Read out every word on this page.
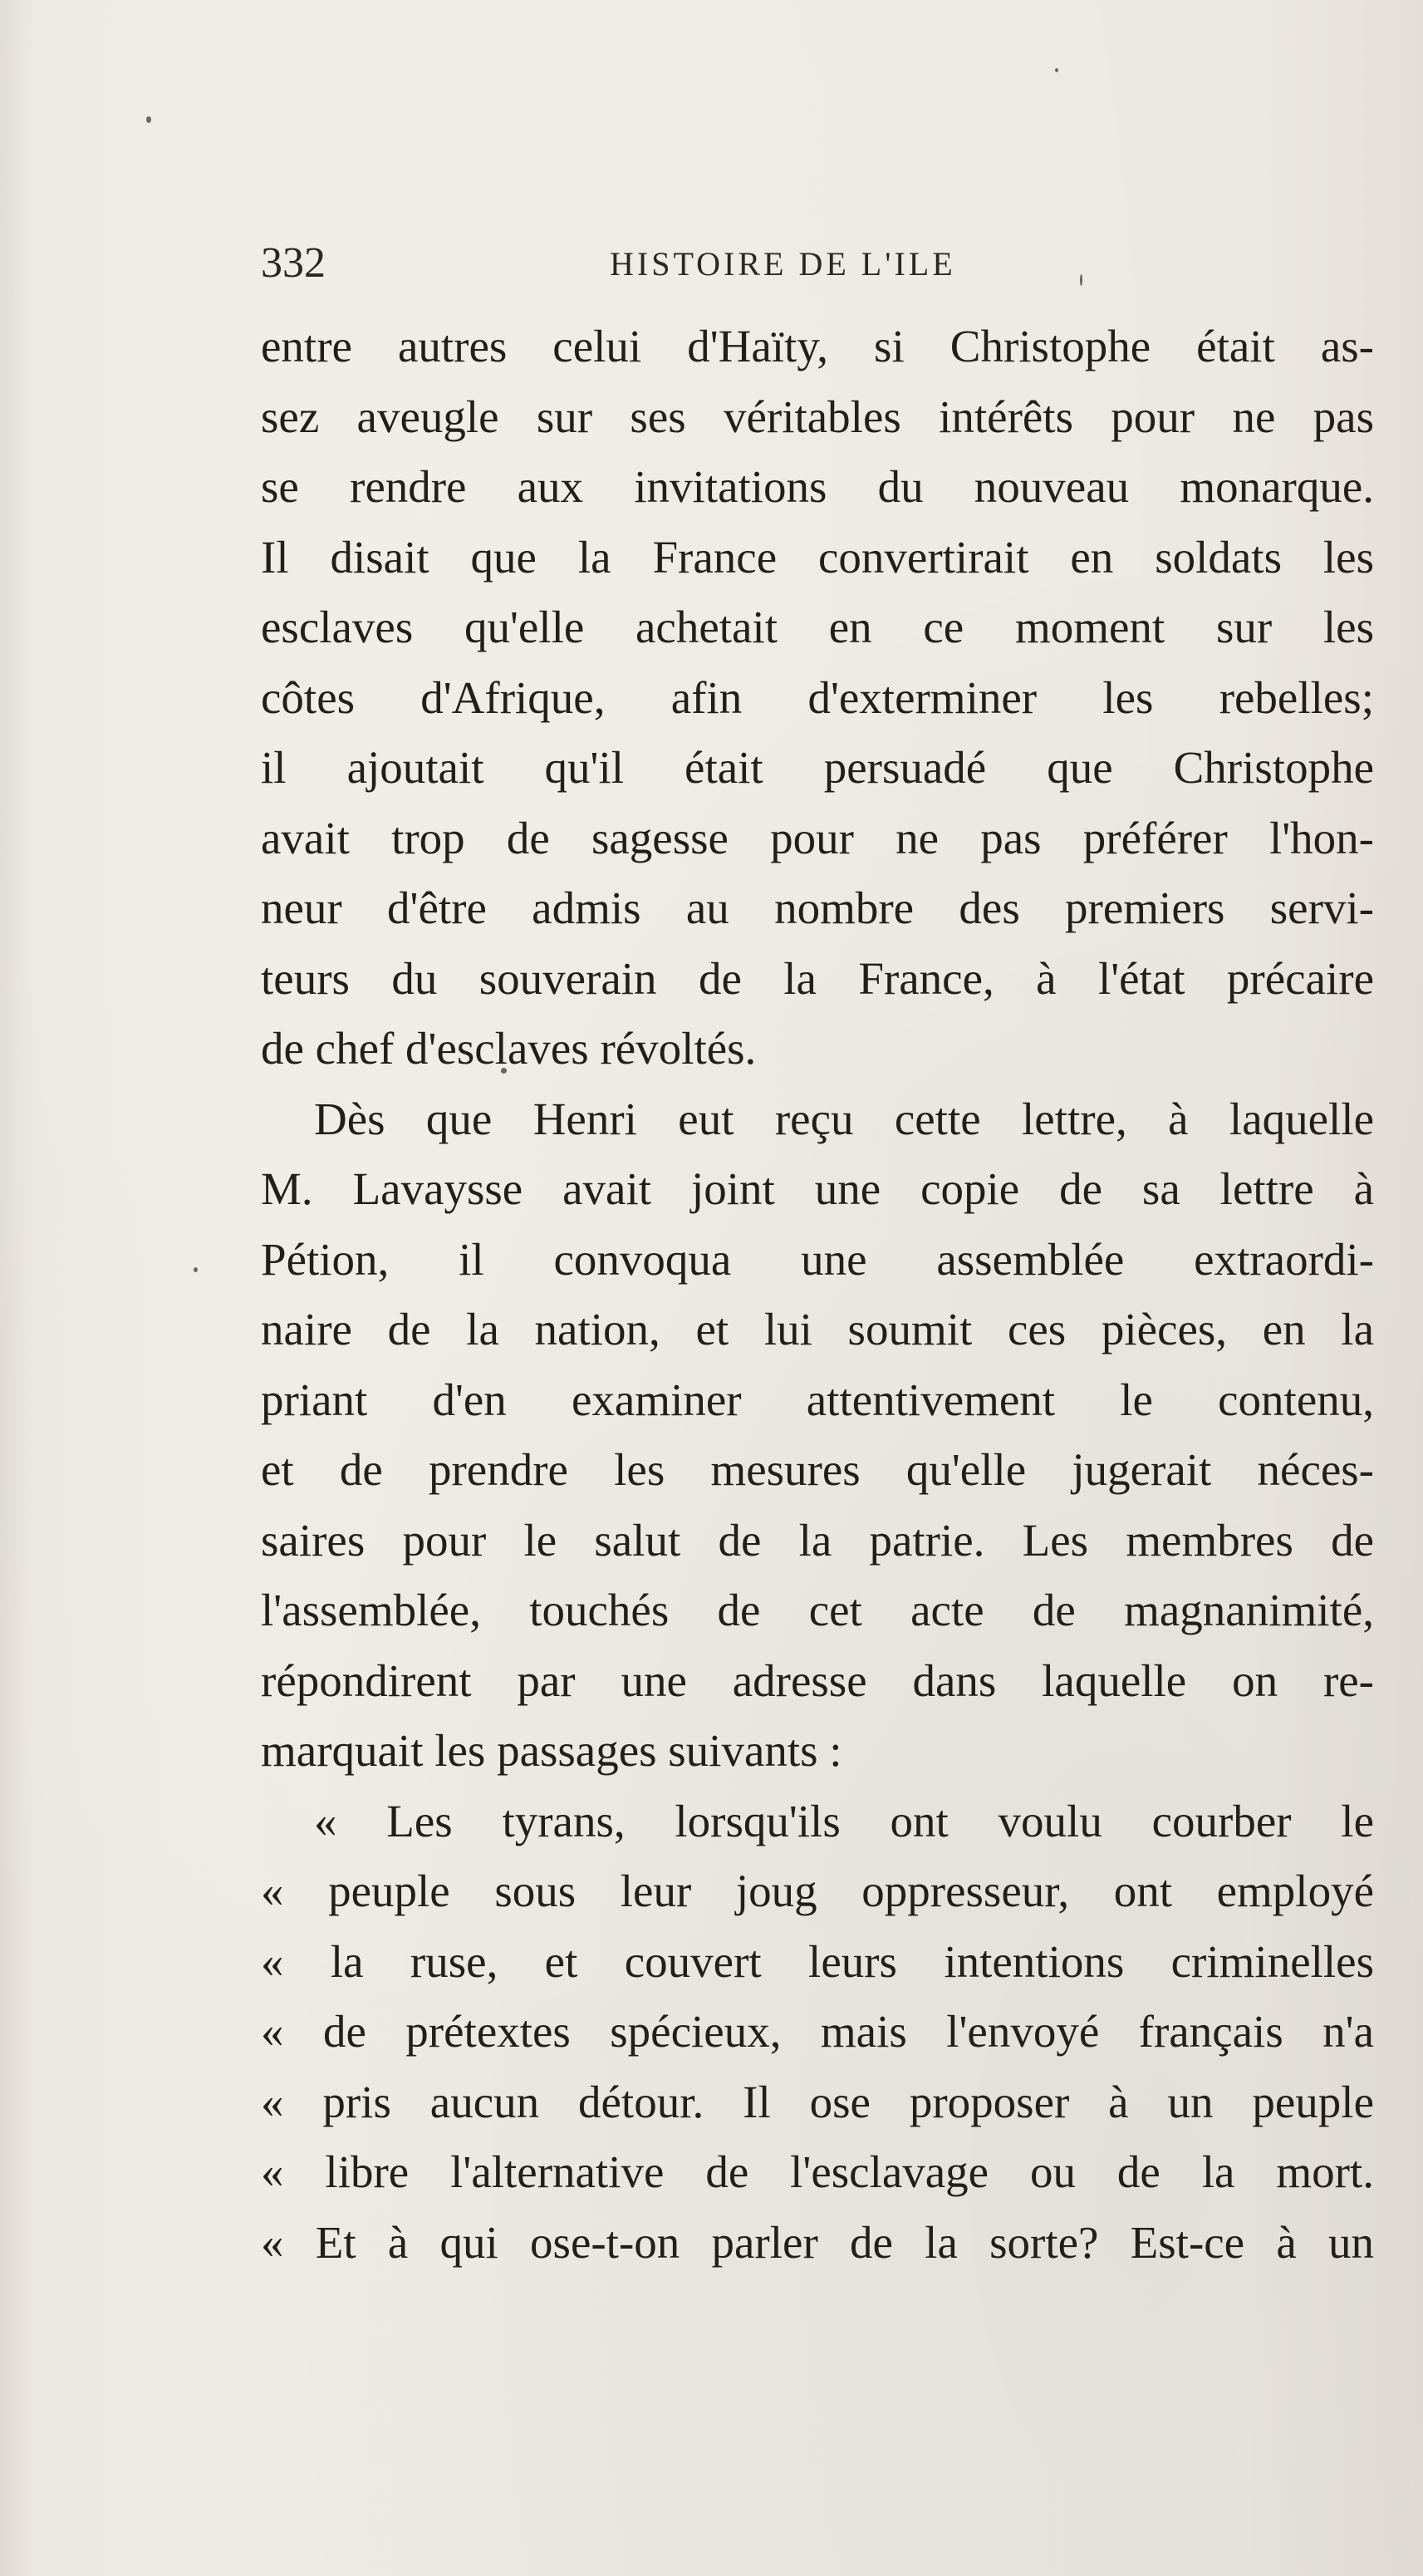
332	HISTOIRE DE L'ILE
entre autres celui d'Haïty, si Christophe était as-
sez aveugle sur ses véritables intérêts pour ne pas
se rendre aux invitations du nouveau monarque.
Il disait que la France convertirait en soldats les
esclaves qu'elle achetait en ce moment sur les
côtes d'Afrique, afin d'exterminer les rebelles;
il ajoutait qu'il était persuadé que Christophe
avait trop de sagesse pour ne pas préférer l'hon-
neur d'être admis au nombre des premiers servi-
teurs du souverain de la France, à l'état précaire
de chef d'esclaves révoltés.
Dès que Henri eut reçu cette lettre, à laquelle
M. Lavaysse avait joint une copie de sa lettre à
Pétion, il convoqua une assemblée extraordi-
naire de la nation, et lui soumit ces pièces, en la
priant d'en examiner attentivement le contenu,
et de prendre les mesures qu'elle jugerait néces-
saires pour le salut de la patrie. Les membres de
l'assemblée, touchés de cet acte de magnanimité,
répondirent par une adresse dans laquelle on re-
marquait les passages suivants :
« Les tyrans, lorsqu'ils ont voulu courber le
« peuple sous leur joug oppresseur, ont employé
« la ruse, et couvert leurs intentions criminelles
« de prétextes spécieux, mais l'envoyé français n'a
« pris aucun détour. Il ose proposer à un peuple
« libre l'alternative de l'esclavage ou de la mort.
« Et à qui ose-t-on parler de la sorte? Est-ce à un
